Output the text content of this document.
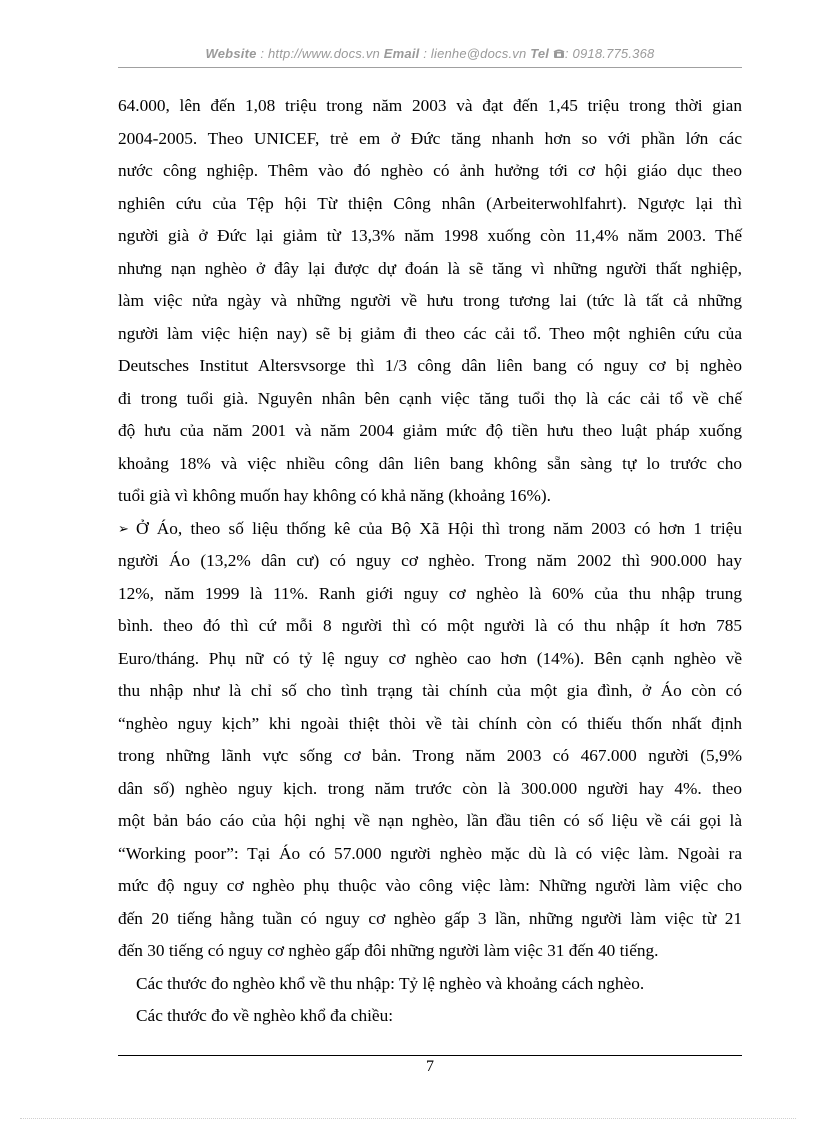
Website : http://www.docs.vn Email : lienhe@docs.vn Tel : 0918.775.368
64.000, lên đến 1,08 triệu trong năm 2003 và đạt đến 1,45 triệu trong thời gian
2004-2005. Theo UNICEF, trẻ em ở Đức tăng nhanh hơn so với phần lớn các
nước công nghiệp. Thêm vào đó nghèo có ảnh hưởng tới cơ hội giáo dục theo
nghiên cứu của Tệp hội Từ thiện Công nhân (Arbeiterwohlfahrt). Ngược lại thì
người già ở Đức lại giảm từ 13,3% năm 1998 xuống còn 11,4% năm 2003. Thế
nhưng nạn nghèo ở đây lại được dự đoán là sẽ tăng vì những người thất nghiệp,
làm việc nửa ngày và những người về hưu trong tương lai (tức là tất cả những
người làm việc hiện nay) sẽ bị giảm đi theo các cải tổ. Theo một nghiên cứu của
Deutsches Institut Altersvsorge thì 1/3 công dân liên bang có nguy cơ bị nghèo
đi trong tuổi già. Nguyên nhân bên cạnh việc tăng tuổi thọ là các cải tổ về chế
độ hưu của năm 2001 và năm 2004 giảm mức độ tiền hưu theo luật pháp xuống
khoảng 18% và việc nhiều công dân liên bang không sẵn sàng tự lo trước cho
tuổi già vì không muốn hay không có khả năng (khoảng 16%).
➢ Ở Áo, theo số liệu thống kê của Bộ Xã Hội thì trong năm 2003 có hơn 1 triệu
người Áo (13,2% dân cư) có nguy cơ nghèo. Trong năm 2002 thì 900.000 hay
12%, năm 1999 là 11%. Ranh giới nguy cơ nghèo là 60% của thu nhập trung
bình. theo đó thì cứ mỗi 8 người thì có một người là có thu nhập ít hơn 785
Euro/tháng. Phụ nữ có tỷ lệ nguy cơ nghèo cao hơn (14%). Bên cạnh nghèo về
thu nhập như là chỉ số cho tình trạng tài chính của một gia đình, ở Áo còn có
“nghèo nguy kịch” khi ngoài thiệt thòi về tài chính còn có thiếu thốn nhất định
trong những lãnh vực sống cơ bản. Trong năm 2003 có 467.000 người (5,9%
dân số) nghèo nguy kịch. trong năm trước còn là 300.000 người hay 4%. theo
một bản báo cáo của hội nghị về nạn nghèo, lần đầu tiên có số liệu về cái gọi là
“Working poor”: Tại Áo có 57.000 người nghèo mặc dù là có việc làm. Ngoài ra
mức độ nguy cơ nghèo phụ thuộc vào công việc làm: Những người làm việc cho
đến 20 tiếng hằng tuần có nguy cơ nghèo gấp 3 lần, những người làm việc từ 21
đến 30 tiếng có nguy cơ nghèo gấp đôi những người làm việc 31 đến 40 tiếng.
Các thước đo nghèo khổ về thu nhập: Tỷ lệ nghèo và khoảng cách nghèo.
Các thước đo về nghèo khổ đa chiều:
7
